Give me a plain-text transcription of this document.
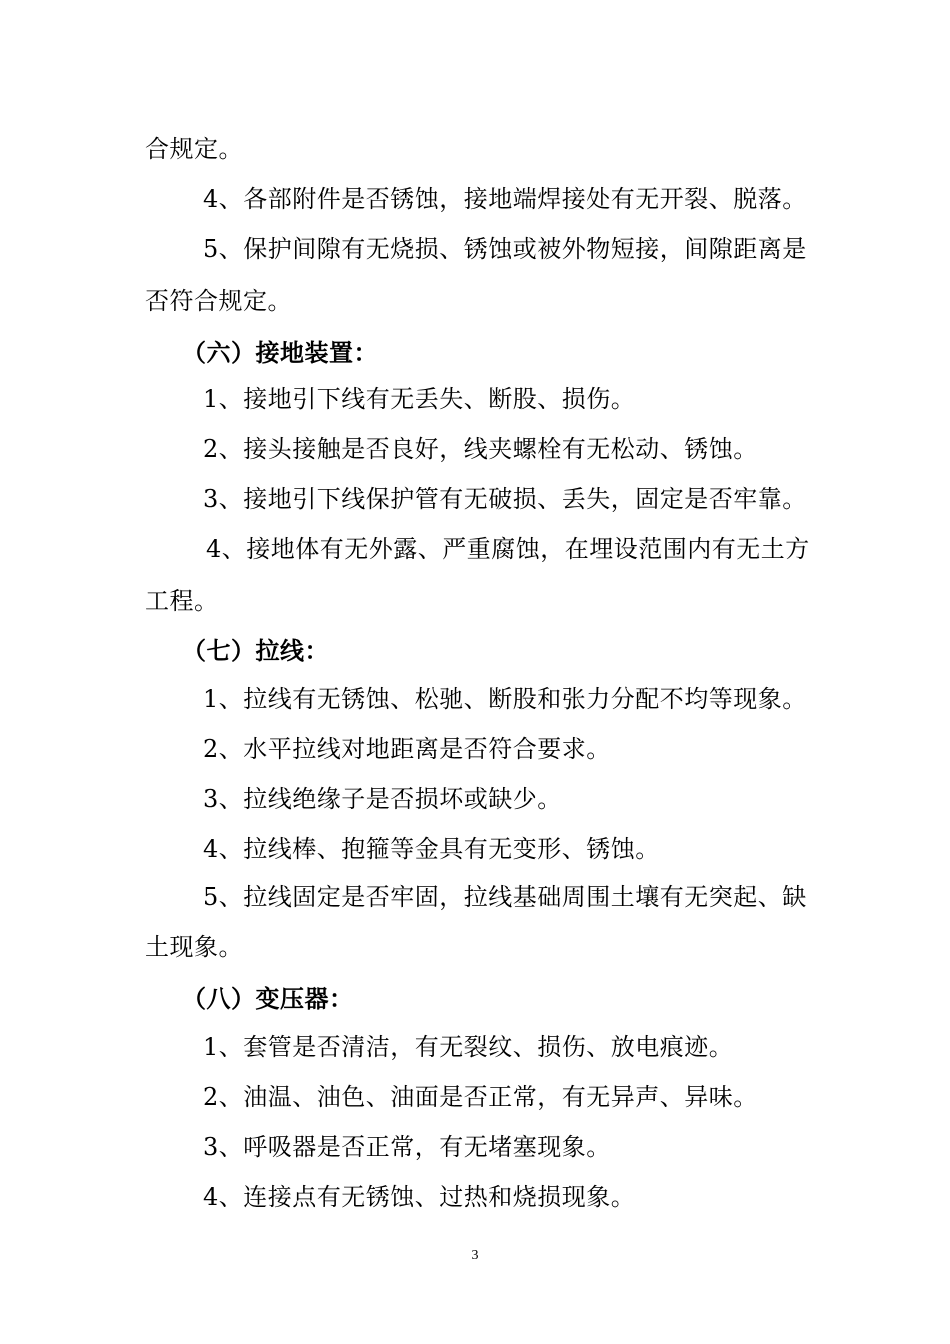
合规定。
4、各部附件是否锈蚀，接地端焊接处有无开裂、脱落。
5、保护间隙有无烧损、锈蚀或被外物短接，间隙距离是
否符合规定。
（六）接地装置：
1、接地引下线有无丢失、断股、损伤。
2、接头接触是否良好，线夹螺栓有无松动、锈蚀。
3、接地引下线保护管有无破损、丢失，固定是否牢靠。
4、接地体有无外露、严重腐蚀，在埋设范围内有无土方
工程。
（七）拉线：
1、拉线有无锈蚀、松驰、断股和张力分配不均等现象。
2、水平拉线对地距离是否符合要求。
3、拉线绝缘子是否损坏或缺少。
4、拉线棒、抱箍等金具有无变形、锈蚀。
5、拉线固定是否牢固，拉线基础周围土壤有无突起、缺
土现象。
（八）变压器：
1、套管是否清洁，有无裂纹、损伤、放电痕迹。
2、油温、油色、油面是否正常，有无异声、异味。
3、呼吸器是否正常，有无堵塞现象。
4、连接点有无锈蚀、过热和烧损现象。
3
